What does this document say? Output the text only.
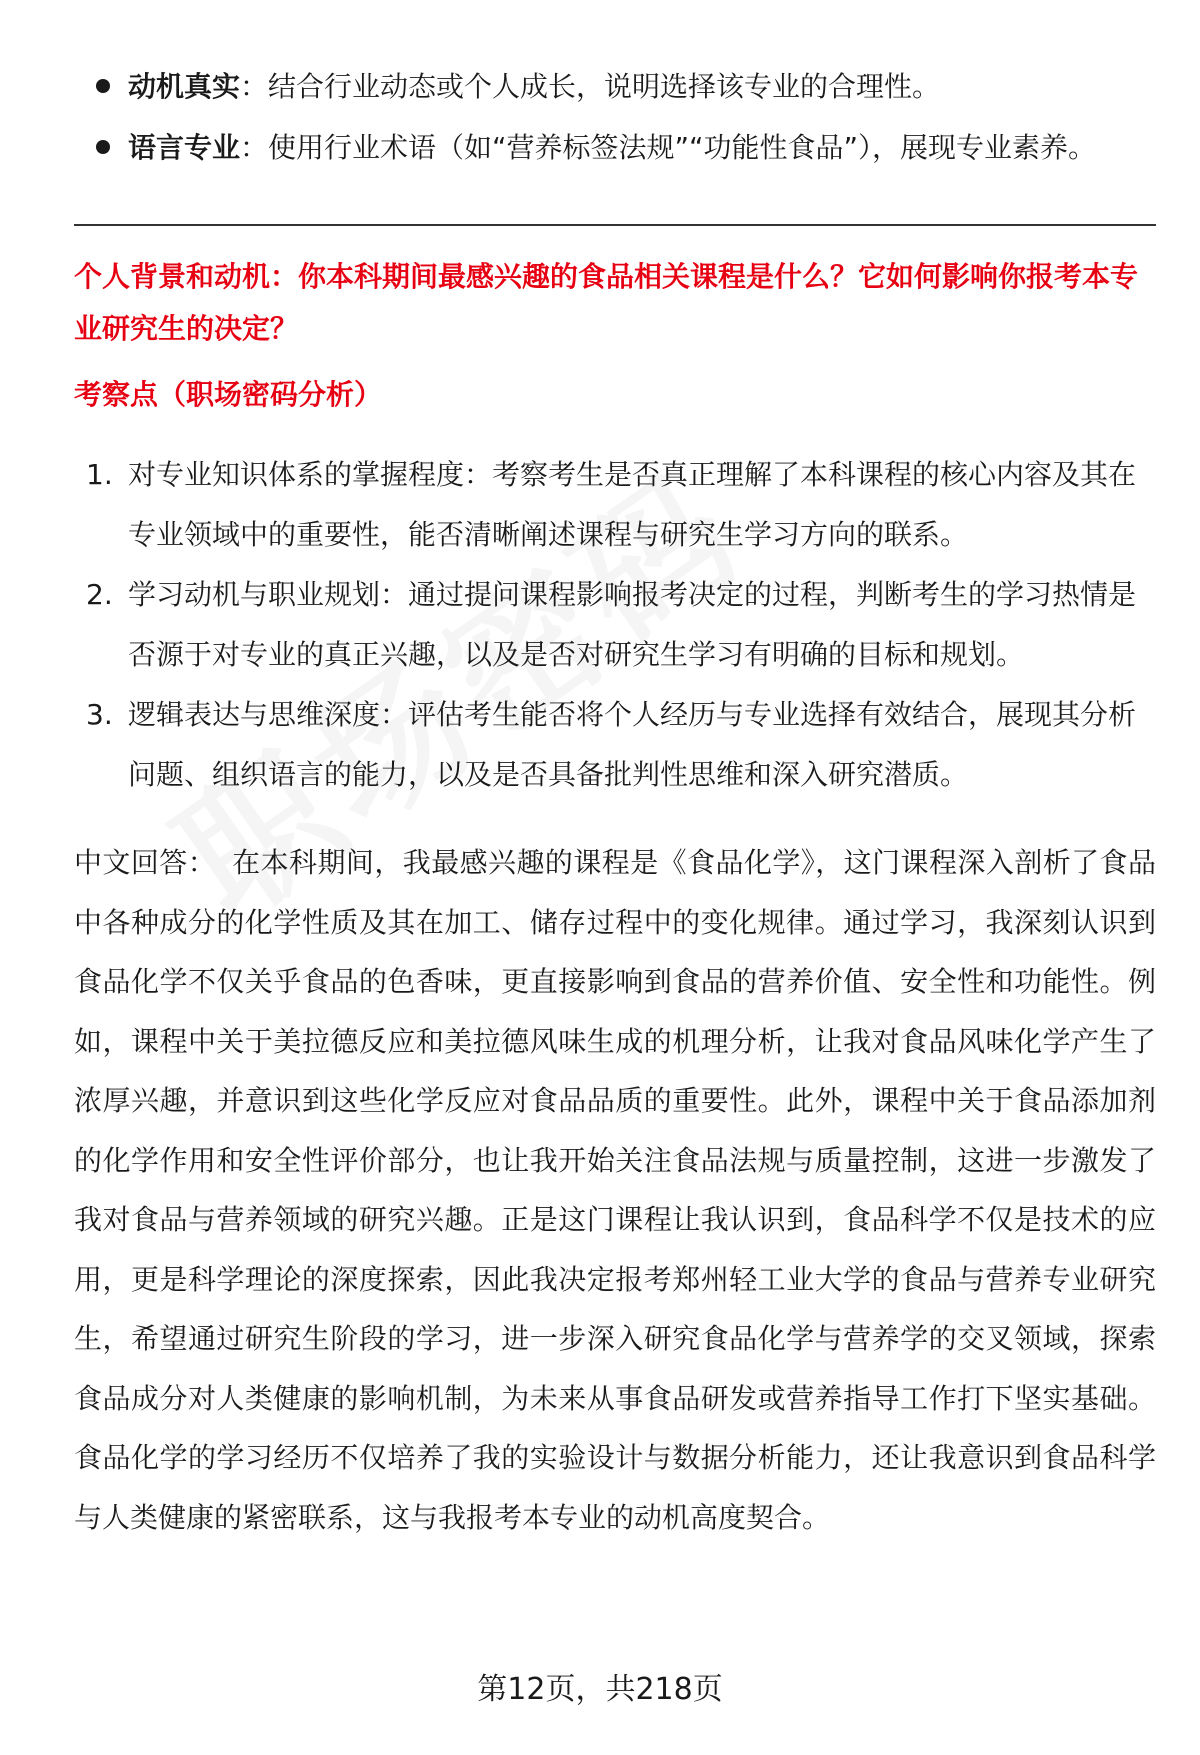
动机真实：结合行业动态或个人成长，说明选择该专业的合理性。
语言专业：使用行业术语（如“营养标签法规”“功能性食品”），展现专业素养。
个人背景和动机：你本科期间最感兴趣的食品相关课程是什么？它如何影响你报考本专业研究生的决定？
考察点（职场密码分析）
1. 对专业知识体系的掌握程度：考察考生是否真正理解了本科课程的核心内容及其在专业领域中的重要性，能否清晰阐述课程与研究生学习方向的联系。
2. 学习动机与职业规划：通过提问课程影响报考决定的过程，判断考生的学习热情是否源于对专业的真正兴趣，以及是否对研究生学习有明确的目标和规划。
3. 逻辑表达与思维深度：评估考生能否将个人经历与专业选择有效结合，展现其分析问题、组织语言的能力，以及是否具备批判性思维和深入研究潜质。
中文回答： 在本科期间，我最感兴趣的课程是《食品化学》，这门课程深入剖析了食品中各种成分的化学性质及其在加工、储存过程中的变化规律。通过学习，我深刻认识到食品化学不仅关乎食品的色香味，更直接影响到食品的营养价值、安全性和功能性。例如，课程中关于美拉德反应和美拉德风味生成的机理分析，让我对食品风味化学产生了浓厚兴趣，并意识到这些化学反应对食品品质的重要性。此外，课程中关于食品添加剂的化学作用和安全性评价部分，也让我开始关注食品法规与质量控制，这进一步激发了我对食品与营养领域的研究兴趣。正是这门课程让我认识到，食品科学不仅是技术的应用，更是科学理论的深度探索，因此我决定报考郑州轻工业大学的食品与营养专业研究生，希望通过研究生阶段的学习，进一步深入研究食品化学与营养学的交叉领域，探索食品成分对人类健康的影响机制，为未来从事食品研发或营养指导工作打下坚实基础。食品化学的学习经历不仅培养了我的实验设计与数据分析能力，还让我意识到食品科学与人类健康的紧密联系，这与我报考本专业的动机高度契合。
第12页，共218页
